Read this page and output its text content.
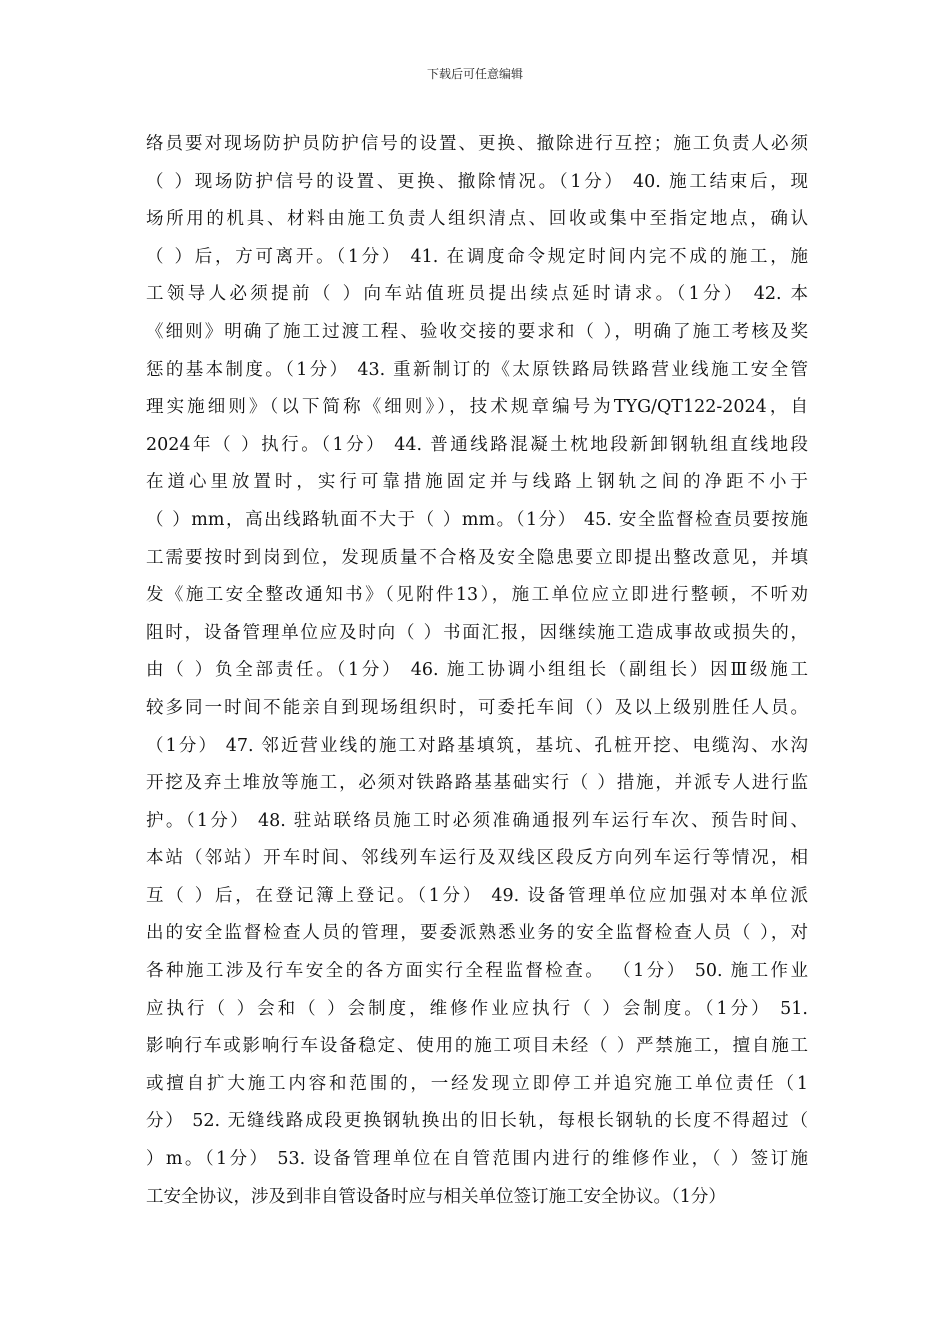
下载后可任意编辑
络员要对现场防护员防护信号的设置、更换、撤除进行互控；施工负责人必须
（ ）现场防护信号的设置、更换、撤除情况。（1分） 40. 施工结束后，现
场所用的机具、材料由施工负责人组织清点、回收或集中至指定地点，确认
（ ）后，方可离开。（1分） 41. 在调度命令规定时间内完不成的施工，施
工领导人必须提前（ ）向车站值班员提出续点延时请求。（1分） 42. 本
《细则》明确了施工过渡工程、验收交接的要求和（ ），明确了施工考核及奖
惩的基本制度。（1分） 43. 重新制订的《太原铁路局铁路营业线施工安全管
理实施细则》（以下简称《细则》），技术规章编号为TYG/QT122-2024，自
2024年（ ）执行。（1分） 44. 普通线路混凝土枕地段新卸钢轨组直线地段
在道心里放置时，实行可靠措施固定并与线路上钢轨之间的净距不小于
（ ）mm，高出线路轨面不大于（ ）mm。（1分） 45. 安全监督检查员要按施
工需要按时到岗到位，发现质量不合格及安全隐患要立即提出整改意见，并填
发《施工安全整改通知书》（见附件13），施工单位应立即进行整顿，不听劝
阻时，设备管理单位应及时向（ ）书面汇报，因继续施工造成事故或损失的，
由（ ）负全部责任。（1分） 46. 施工协调小组组长（副组长）因Ⅲ级施工
较多同一时间不能亲自到现场组织时，可委托车间（）及以上级别胜任人员。
（1分） 47. 邻近营业线的施工对路基填筑，基坑、孔桩开挖、电缆沟、水沟
开挖及弃土堆放等施工，必须对铁路路基基础实行（ ）措施，并派专人进行监
护。（1分） 48. 驻站联络员施工时必须准确通报列车运行车次、预告时间、
本站（邻站）开车时间、邻线列车运行及双线区段反方向列车运行等情况，相
互（ ）后，在登记簿上登记。（1分） 49. 设备管理单位应加强对本单位派
出的安全监督检查人员的管理，要委派熟悉业务的安全监督检查人员（ ），对
各种施工涉及行车安全的各方面实行全程监督检查。 （1分） 50. 施工作业
应执行（ ）会和（ ）会制度，维修作业应执行（ ）会制度。（1分） 51.
影响行车或影响行车设备稳定、使用的施工项目未经（ ）严禁施工，擅自施工
或擅自扩大施工内容和范围的，一经发现立即停工并追究施工单位责任（1
分） 52. 无缝线路成段更换钢轨换出的旧长轨，每根长钢轨的长度不得超过（
）m。（1分） 53. 设备管理单位在自管范围内进行的维修作业，（ ）签订施
工安全协议，涉及到非自管设备时应与相关单位签订施工安全协议。（1分）
